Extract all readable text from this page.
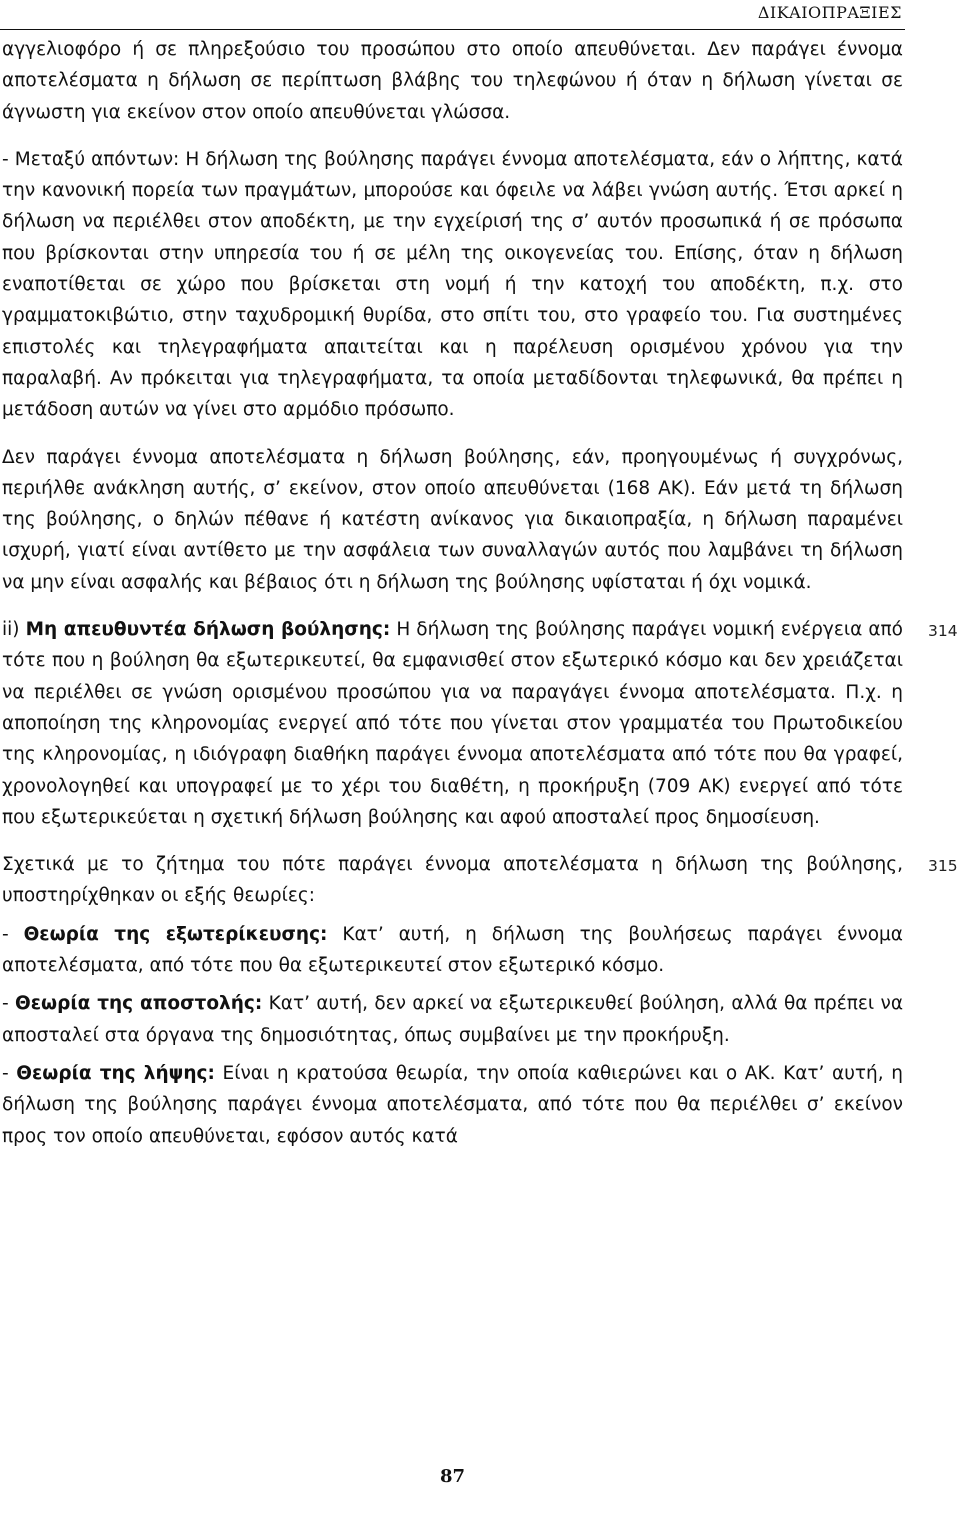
ΔΙΚΑΙΟΠΡΑΞΙΕΣ

αγγελιοφόρο ή σε πληρεξούσιο του προσώπου στο οποίο απευθύνεται. Δεν παράγει έννομα αποτελέσματα η δήλωση σε περίπτωση βλάβης του τηλεφώνου ή όταν η δήλωση γίνεται σε άγνωστη για εκείνον στον οποίο απευθύνεται γλώσσα.

- Μεταξύ απόντων: Η δήλωση της βούλησης παράγει έννομα αποτελέσματα, εάν ο λήπτης, κατά την κανονική πορεία των πραγμάτων, μπορούσε και όφειλε να λάβει γνώση αυτής. Έτσι αρκεί η δήλωση να περιέλθει στον αποδέκτη, με την εγχείρισή της σ’ αυτόν προσωπικά ή σε πρόσωπα που βρίσκονται στην υπηρεσία του ή σε μέλη της οικογενείας του. Επίσης, όταν η δήλωση εναποτίθεται σε χώρο που βρίσκεται στη νομή ή την κατοχή του αποδέκτη, π.χ. στο γραμματοκιβώτιο, στην ταχυδρομική θυρίδα, στο σπίτι του, στο γραφείο του. Για συστημένες επιστολές και τηλεγραφήματα απαιτείται και η παρέλευση ορισμένου χρόνου για την παραλαβή. Αν πρόκειται για τηλεγραφήματα, τα οποία μεταδίδονται τηλεφωνικά, θα πρέπει η μετάδοση αυτών να γίνει στο αρμόδιο πρόσωπο.

Δεν παράγει έννομα αποτελέσματα η δήλωση βούλησης, εάν, προηγουμένως ή συγχρόνως, περιήλθε ανάκληση αυτής, σ’ εκείνον, στον οποίο απευθύνεται (168 ΑΚ). Εάν μετά τη δήλωση της βούλησης, ο δηλών πέθανε ή κατέστη ανίκανος για δικαιοπραξία, η δήλωση παραμένει ισχυρή, γιατί είναι αντίθετο με την ασφάλεια των συναλλαγών αυτός που λαμβάνει τη δήλωση να μην είναι ασφαλής και βέβαιος ότι η δήλωση της βούλησης υφίσταται ή όχι νομικά.

ii) Μη απευθυντέα δήλωση βούλησης: Η δήλωση της βούλησης παράγει νομική ενέργεια από τότε που η βούληση θα εξωτερικευτεί, θα εμφανισθεί στον εξωτερικό κόσμο και δεν χρειάζεται να περιέλθει σε γνώση ορισμένου προσώπου για να παραγάγει έννομα αποτελέσματα. Π.χ. η αποποίηση της κληρονομίας ενεργεί από τότε που γίνεται στον γραμματέα του Πρωτοδικείου της κληρονομίας, η ιδιόγραφη διαθήκη παράγει έννομα αποτελέσματα από τότε που θα γραφεί, χρονολογηθεί και υπογραφεί με το χέρι του διαθέτη, η προκήρυξη (709 ΑΚ) ενεργεί από τότε που εξωτερικεύεται η σχετική δήλωση βούλησης και αφού αποσταλεί προς δημοσίευση.
314

Σχετικά με το ζήτημα του πότε παράγει έννομα αποτελέσματα η δήλωση της βούλησης, υποστηρίχθηκαν οι εξής θεωρίες:
315

- Θεωρία της εξωτερίκευσης: Κατ’ αυτή, η δήλωση της βουλήσεως παράγει έννομα αποτελέσματα, από τότε που θα εξωτερικευτεί στον εξωτερικό κόσμο.

- Θεωρία της αποστολής: Κατ’ αυτή, δεν αρκεί να εξωτερικευθεί βούληση, αλλά θα πρέπει να αποσταλεί στα όργανα της δημοσιότητας, όπως συμβαίνει με την προκήρυξη.

- Θεωρία της λήψης: Είναι η κρατούσα θεωρία, την οποία καθιερώνει και ο ΑΚ. Κατ’ αυτή, η δήλωση της βούλησης παράγει έννομα αποτελέσματα, από τότε που θα περιέλθει σ’ εκείνον προς τον οποίο απευθύνεται, εφόσον αυτός κατά

87
